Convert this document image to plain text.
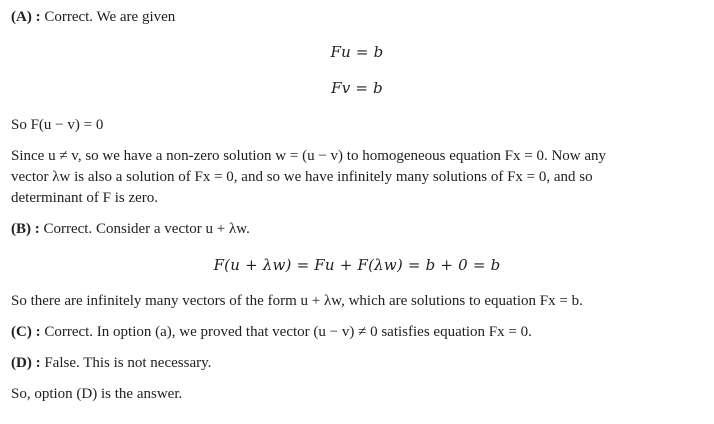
(A) : Correct. We are given
Fu = b
Fv = b
So F(u − v) = 0
Since u ≠ v, so we have a non-zero solution w = (u − v) to homogeneous equation Fx = 0. Now any
vector λw is also a solution of Fx = 0, and so we have infinitely many solutions of Fx = 0, and so
determinant of F is zero.
(B) : Correct. Consider a vector u + λw.
F(u + λw) = Fu + F(λw) = b + 0 = b
So there are infinitely many vectors of the form u + λw, which are solutions to equation Fx = b.
(C) : Correct. In option (a), we proved that vector (u − v) ≠ 0 satisfies equation Fx = 0.
(D) : False. This is not necessary.
So, option (D) is the answer.
